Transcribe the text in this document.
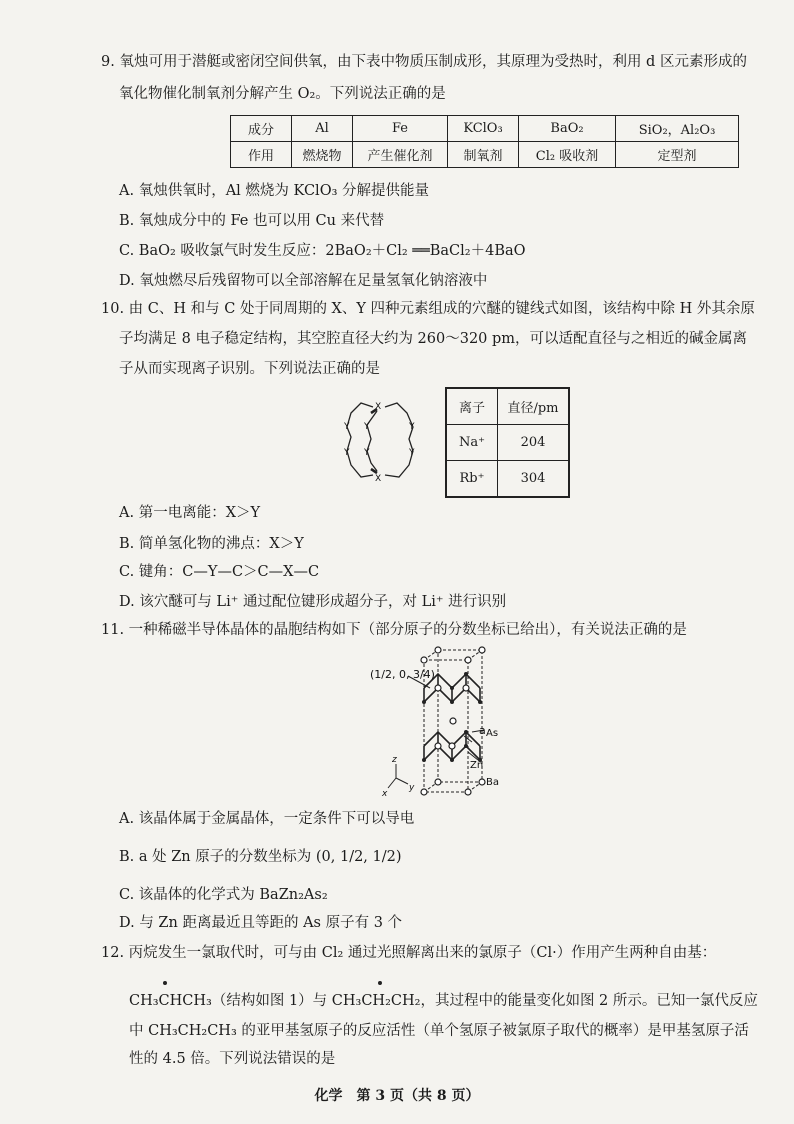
9. 氧烛可用于潜艇或密闭空间供氧，由下表中物质压制成形，其原理为受热时，利用 d 区元素形成的
氧化物催化制氧剂分解产生 O₂。下列说法正确的是
成分	Al	Fe	KClO₃	BaO₂	SiO₂，Al₂O₃
作用	燃烧物	产生催化剂	制氧剂	Cl₂ 吸收剂	定型剂
A. 氧烛供氧时，Al 燃烧为 KClO₃ 分解提供能量
B. 氧烛成分中的 Fe 也可以用 Cu 来代替
C. BaO₂ 吸收氯气时发生反应：2BaO₂＋Cl₂ ══BaCl₂＋4BaO
D. 氧烛燃尽后残留物可以全部溶解在足量氢氧化钠溶液中
10. 由 C、H 和与 C 处于同周期的 X、Y 四种元素组成的穴醚的键线式如图，该结构中除 H 外其余原
子均满足 8 电子稳定结构，其空腔直径大约为 260～320 pm，可以适配直径与之相近的碱金属离
子从而实现离子识别。下列说法正确的是
X
X
Y
Y
Y
Y
Y
Y
离子	直径/pm
Na⁺	204
Rb⁺	304
A. 第一电离能：X＞Y
B. 简单氢化物的沸点：X＞Y
C. 键角：C—Y—C＞C—X—C
D. 该穴醚可与 Li⁺ 通过配位键形成超分子，对 Li⁺ 进行识别
11. 一种稀磁半导体晶体的晶胞结构如下（部分原子的分数坐标已给出），有关说法正确的是
(1/2, 0, 3/4)
a As
Zn
Ba
z
y
x
A. 该晶体属于金属晶体，一定条件下可以导电
B. a 处 Zn 原子的分数坐标为 (0, 1/2, 1/2)
C. 该晶体的化学式为 BaZn₂As₂
D. 与 Zn 距离最近且等距的 As 原子有 3 个
12. 丙烷发生一氯取代时，可与由 Cl₂ 通过光照解离出来的氯原子（Cl·）作用产生两种自由基：
CH₃CHCH₃（结构如图 1）与 CH₃CH₂CH₂，其过程中的能量变化如图 2 所示。已知一氯代反应
中 CH₃CH₂CH₃ 的亚甲基氢原子的反应活性（单个氢原子被氯原子取代的概率）是甲基氢原子活
性的 4.5 倍。下列说法错误的是
化学　第 3 页（共 8 页）
